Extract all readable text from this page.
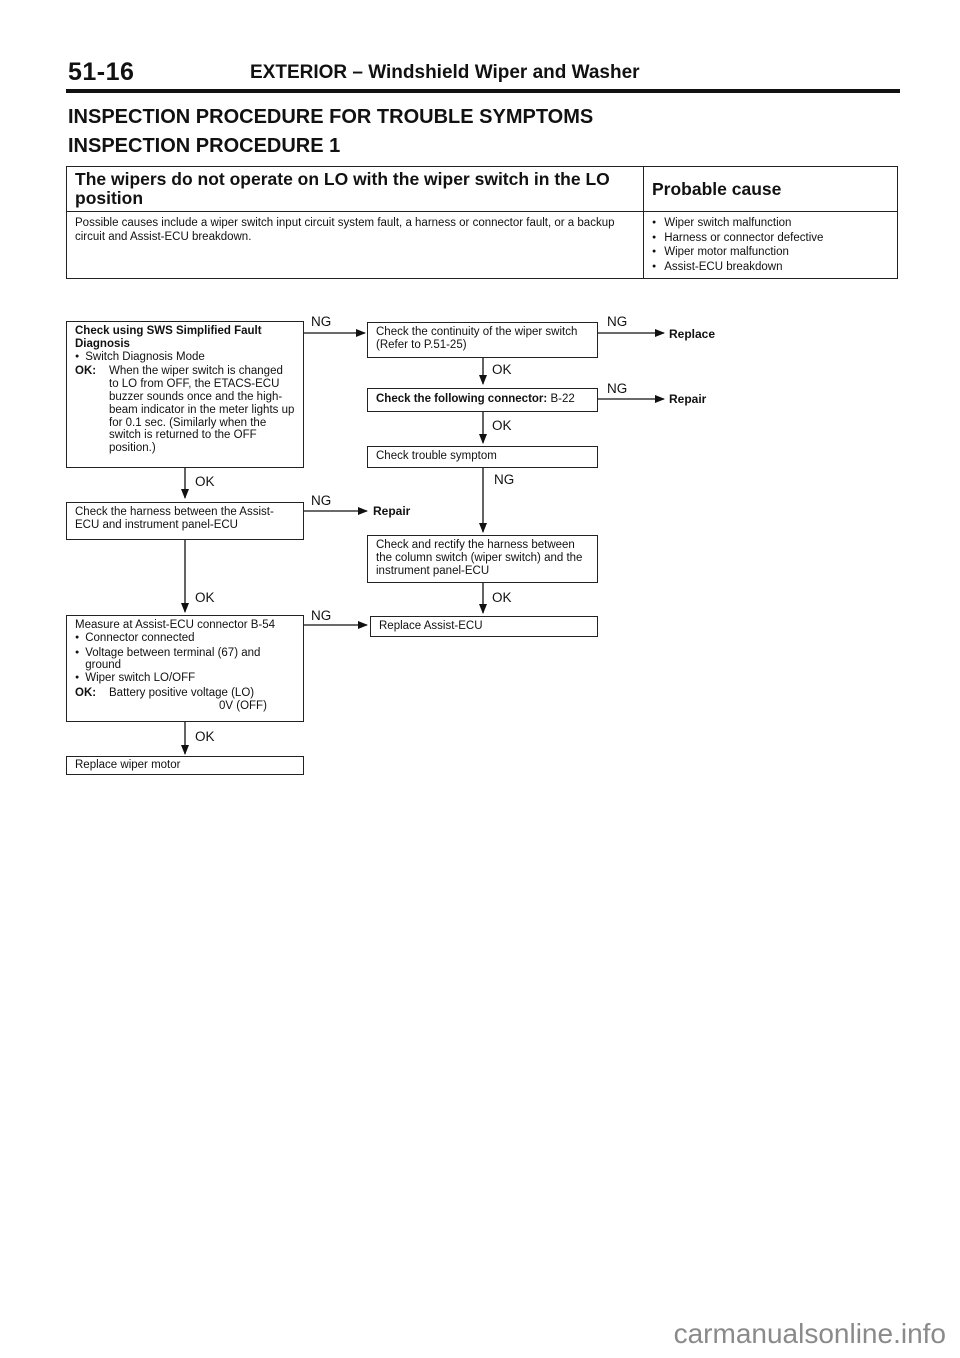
51-16	EXTERIOR – Windshield Wiper and Washer
INSPECTION PROCEDURE FOR TROUBLE SYMPTOMS
INSPECTION PROCEDURE 1
The wipers do not operate on LO with the wiper switch in the LO position	Probable cause
Possible causes include a wiper switch input circuit system fault, a harness or connector fault, or a backup circuit and Assist-ECU breakdown.	● Wiper switch malfunction
● Harness or connector defective
● Wiper motor malfunction
● Assist-ECU breakdown
Check using SWS Simplified Fault Diagnosis
● Switch Diagnosis Mode
OK:	When the wiper switch is changed to LO from OFF, the ETACS-ECU buzzer sounds once and the high-beam indicator in the meter lights up for 0.1 sec. (Similarly when the switch is returned to the OFF position.)
Check the harness between the Assist-ECU and instrument panel-ECU
Measure at Assist-ECU connector B-54
● Connector connected
●
Voltage between terminal (67) and ground
● Wiper switch LO/OFF
OK:	Battery positive voltage (LO)
0V (OFF)
Replace wiper motor
Check the continuity of the wiper switch
(Refer to P.51-25)
Check the following connector: B-22
Check trouble symptom
Check and rectify the harness between the column switch (wiper switch) and the instrument panel-ECU
Replace Assist-ECU
NG
NG
NG
NG
NG
NG
OK
OK
OK
OK
OK
OK
Replace
Repair
Repair
carmanualsonline.info
